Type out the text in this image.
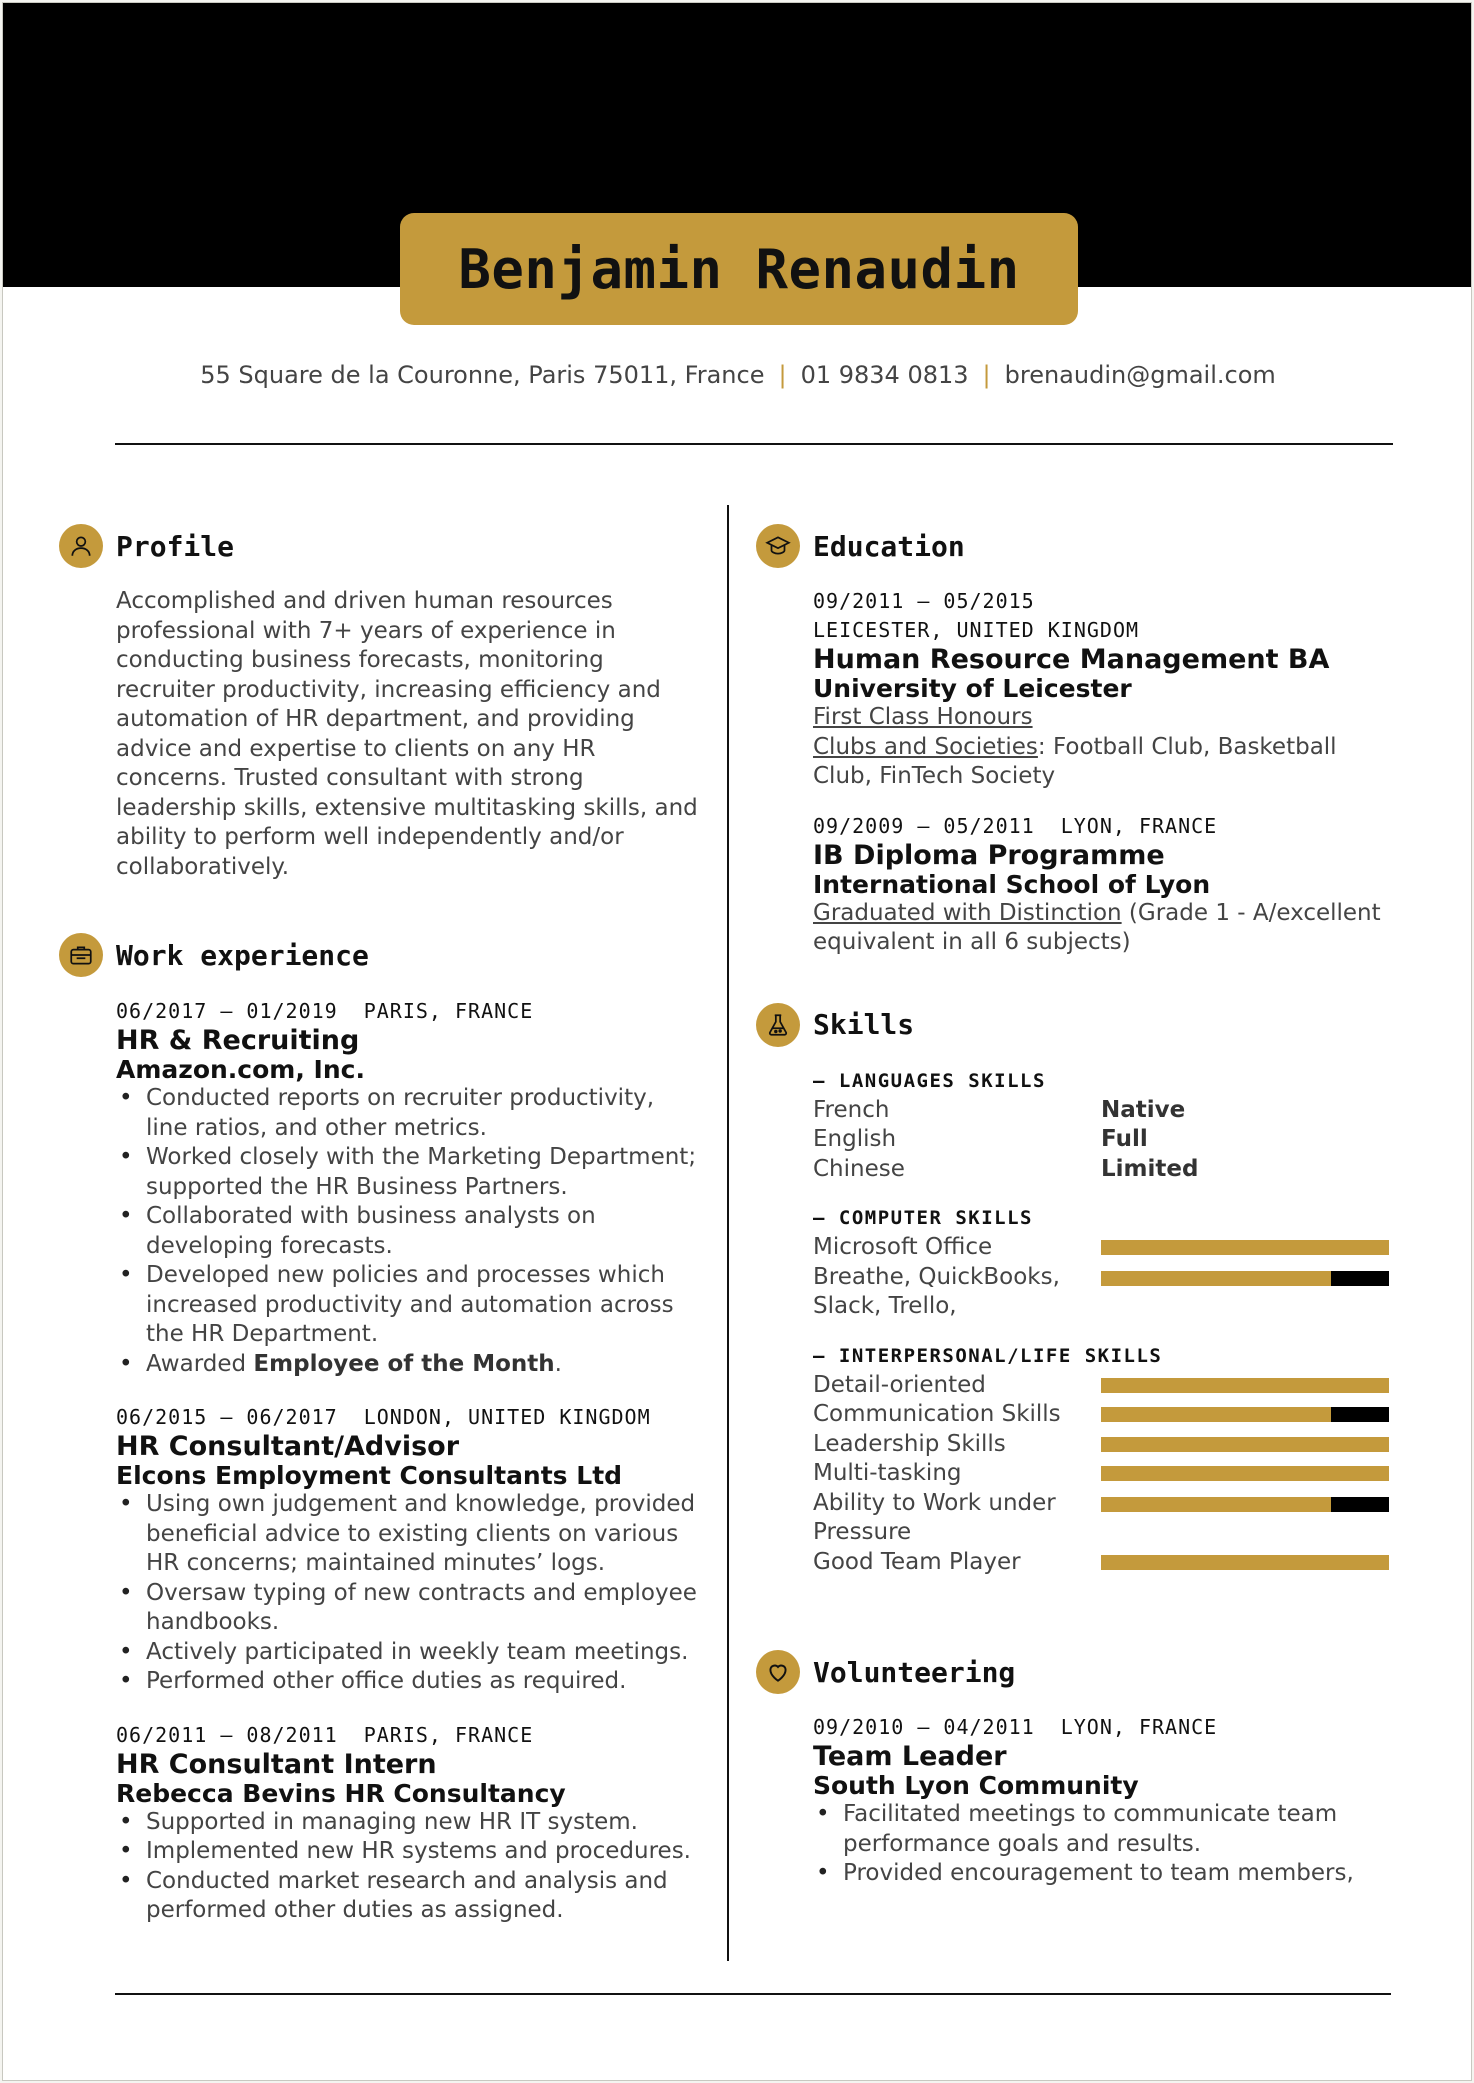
Benjamin Renaudin
55 Square de la Couronne, Paris 75011, France | 01 9834 0813 | brenaudin@gmail.com
Profile

Accomplished and driven human resources professional with 7+ years of experience in conducting business forecasts, monitoring recruiter productivity, increasing efficiency and automation of HR department, and providing advice and expertise to clients on any HR concerns. Trusted consultant with strong leadership skills, extensive multitasking skills, and ability to perform well independently and/or collaboratively.

Work experience
06/2017 – 01/2019 PARIS, FRANCE
HR & Recruiting
Amazon.com, Inc.
• Conducted reports on recruiter productivity, line ratios, and other metrics.
• Worked closely with the Marketing Department; supported the HR Business Partners.
• Collaborated with business analysts on developing forecasts.
• Developed new policies and processes which increased productivity and automation across the HR Department.
• Awarded Employee of the Month.
06/2015 – 06/2017 LONDON, UNITED KINGDOM
HR Consultant/Advisor
Elcons Employment Consultants Ltd
• Using own judgement and knowledge, provided beneficial advice to existing clients on various HR concerns; maintained minutes’ logs.
• Oversaw typing of new contracts and employee handbooks.
• Actively participated in weekly team meetings.
• Performed other office duties as required.
06/2011 – 08/2011 PARIS, FRANCE
HR Consultant Intern
Rebecca Bevins HR Consultancy
• Supported in managing new HR IT system.
• Implemented new HR systems and procedures.
• Conducted market research and analysis and performed other duties as assigned.
Education
09/2011 – 05/2015
LEICESTER, UNITED KINGDOM
Human Resource Management BA
University of Leicester
First Class Honours
Clubs and Societies: Football Club, Basketball Club, FinTech Society
09/2009 – 05/2011 LYON, FRANCE
IB Diploma Programme
International School of Lyon
Graduated with Distinction (Grade 1 - A/excellent equivalent in all 6 subjects)
Skills
– LANGUAGES SKILLS
French	Native
English	Full
Chinese	Limited
– COMPUTER SKILLS
Microsoft Office
Breathe, QuickBooks, Slack, Trello,
– INTERPERSONAL/LIFE SKILLS
Detail-oriented
Communication Skills
Leadership Skills
Multi-tasking
Ability to Work under Pressure
Good Team Player
Volunteering
09/2010 – 04/2011 LYON, FRANCE
Team Leader
South Lyon Community
• Facilitated meetings to communicate team performance goals and results.
• Provided encouragement to team members,
